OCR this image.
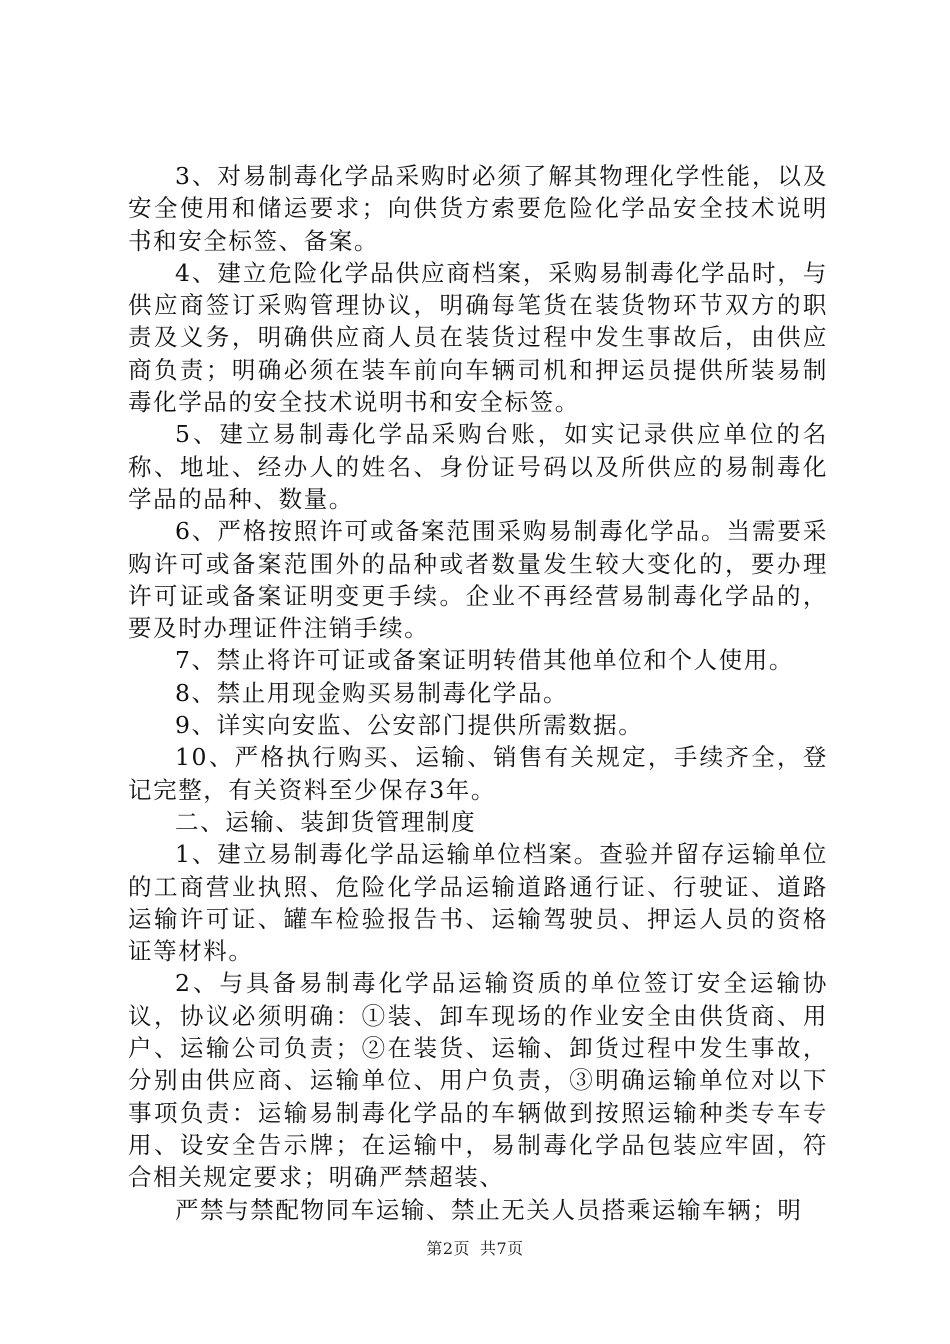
3、对易制毒化学品采购时必须了解其物理化学性能，以及安全使用和储运要求；向供货方索要危险化学品安全技术说明书和安全标签、备案。

4、建立危险化学品供应商档案，采购易制毒化学品时，与供应商签订采购管理协议，明确每笔货在装货物环节双方的职责及义务，明确供应商人员在装货过程中发生事故后，由供应商负责；明确必须在装车前向车辆司机和押运员提供所装易制毒化学品的安全技术说明书和安全标签。

5、建立易制毒化学品采购台账，如实记录供应单位的名称、地址、经办人的姓名、身份证号码以及所供应的易制毒化学品的品种、数量。

6、严格按照许可或备案范围采购易制毒化学品。当需要采购许可或备案范围外的品种或者数量发生较大变化的，要办理许可证或备案证明变更手续。企业不再经营易制毒化学品的，要及时办理证件注销手续。

7、禁止将许可证或备案证明转借其他单位和个人使用。

8、禁止用现金购买易制毒化学品。

9、详实向安监、公安部门提供所需数据。

10、严格执行购买、运输、销售有关规定，手续齐全，登记完整，有关资料至少保存3年。

二、运输、装卸货管理制度

1、建立易制毒化学品运输单位档案。查验并留存运输单位的工商营业执照、危险化学品运输道路通行证、行驶证、道路运输许可证、罐车检验报告书、运输驾驶员、押运人员的资格证等材料。

2、与具备易制毒化学品运输资质的单位签订安全运输协议，协议必须明确：①装、卸车现场的作业安全由供货商、用户、运输公司负责；②在装货、运输、卸货过程中发生事故，分别由供应商、运输单位、用户负责，③明确运输单位对以下事项负责：运输易制毒化学品的车辆做到按照运输种类专车专用、设安全告示牌；在运输中，易制毒化学品包装应牢固，符合相关规定要求；明确严禁超装、

严禁与禁配物同车运输、禁止无关人员搭乘运输车辆；明

第2页 共7页
